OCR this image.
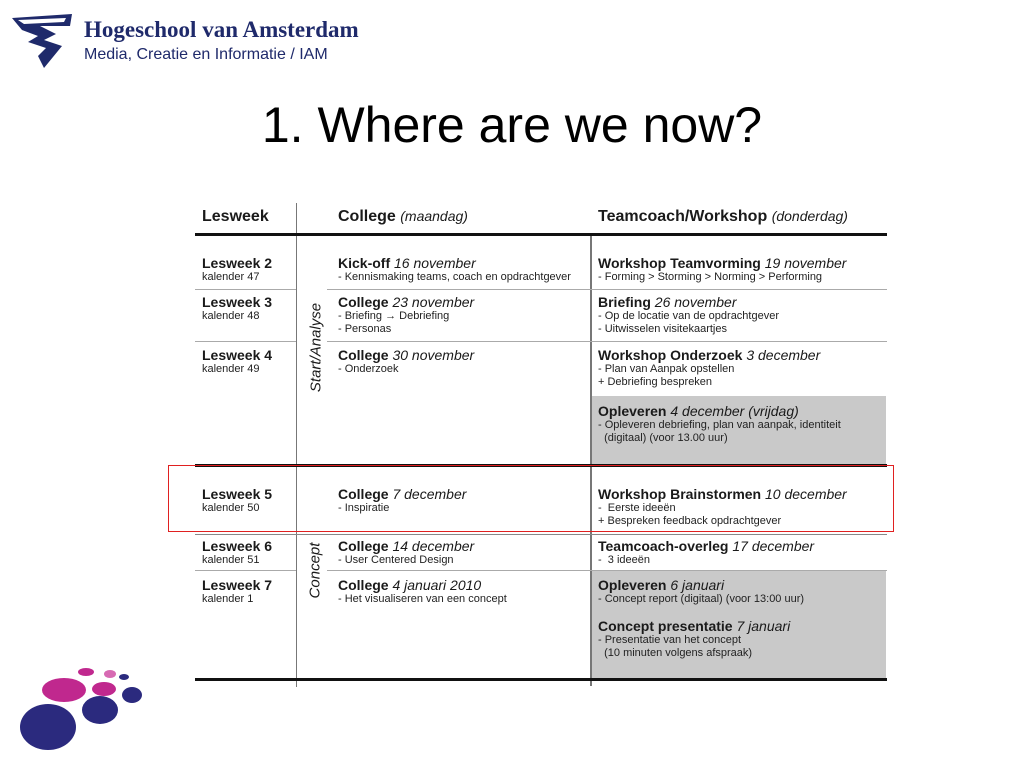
Hogeschool van Amsterdam
Media, Creatie en Informatie / IAM
1. Where are we now?
Lesweek	College (maandag)	Teamcoach/Workshop (donderdag)
Start/Analyse
Concept
Lesweek 2
kalender 47
Kick-off 16 november
- Kennismaking teams, coach en opdrachtgever
Workshop Teamvorming 19 november
- Forming > Storming > Norming > Performing
Lesweek 3
kalender 48
College 23 november
- Briefing → Debriefing
- Personas
Briefing 26 november
- Op de locatie van de opdrachtgever
- Uitwisselen visitekaartjes
Lesweek 4
kalender 49
College 30 november
- Onderzoek
Workshop Onderzoek 3 december
- Plan van Aanpak opstellen
+ Debriefing bespreken
Opleveren 4 december (vrijdag)
- Opleveren debriefing, plan van aanpak, identiteit
(digitaal) (voor 13.00 uur)
Lesweek 5
kalender 50
College 7 december
- Inspiratie
Workshop Brainstormen 10 december
-  Eerste ideeën
+ Bespreken feedback opdrachtgever
Lesweek 6
kalender 51
College 14 december
- User Centered Design
Teamcoach-overleg 17 december
-  3 ideeën
Lesweek 7
kalender 1
College 4 januari 2010
- Het visualiseren van een concept
Opleveren 6 januari
- Concept report (digitaal) (voor 13:00 uur)
Concept presentatie 7 januari
- Presentatie van het concept
(10 minuten volgens afspraak)
